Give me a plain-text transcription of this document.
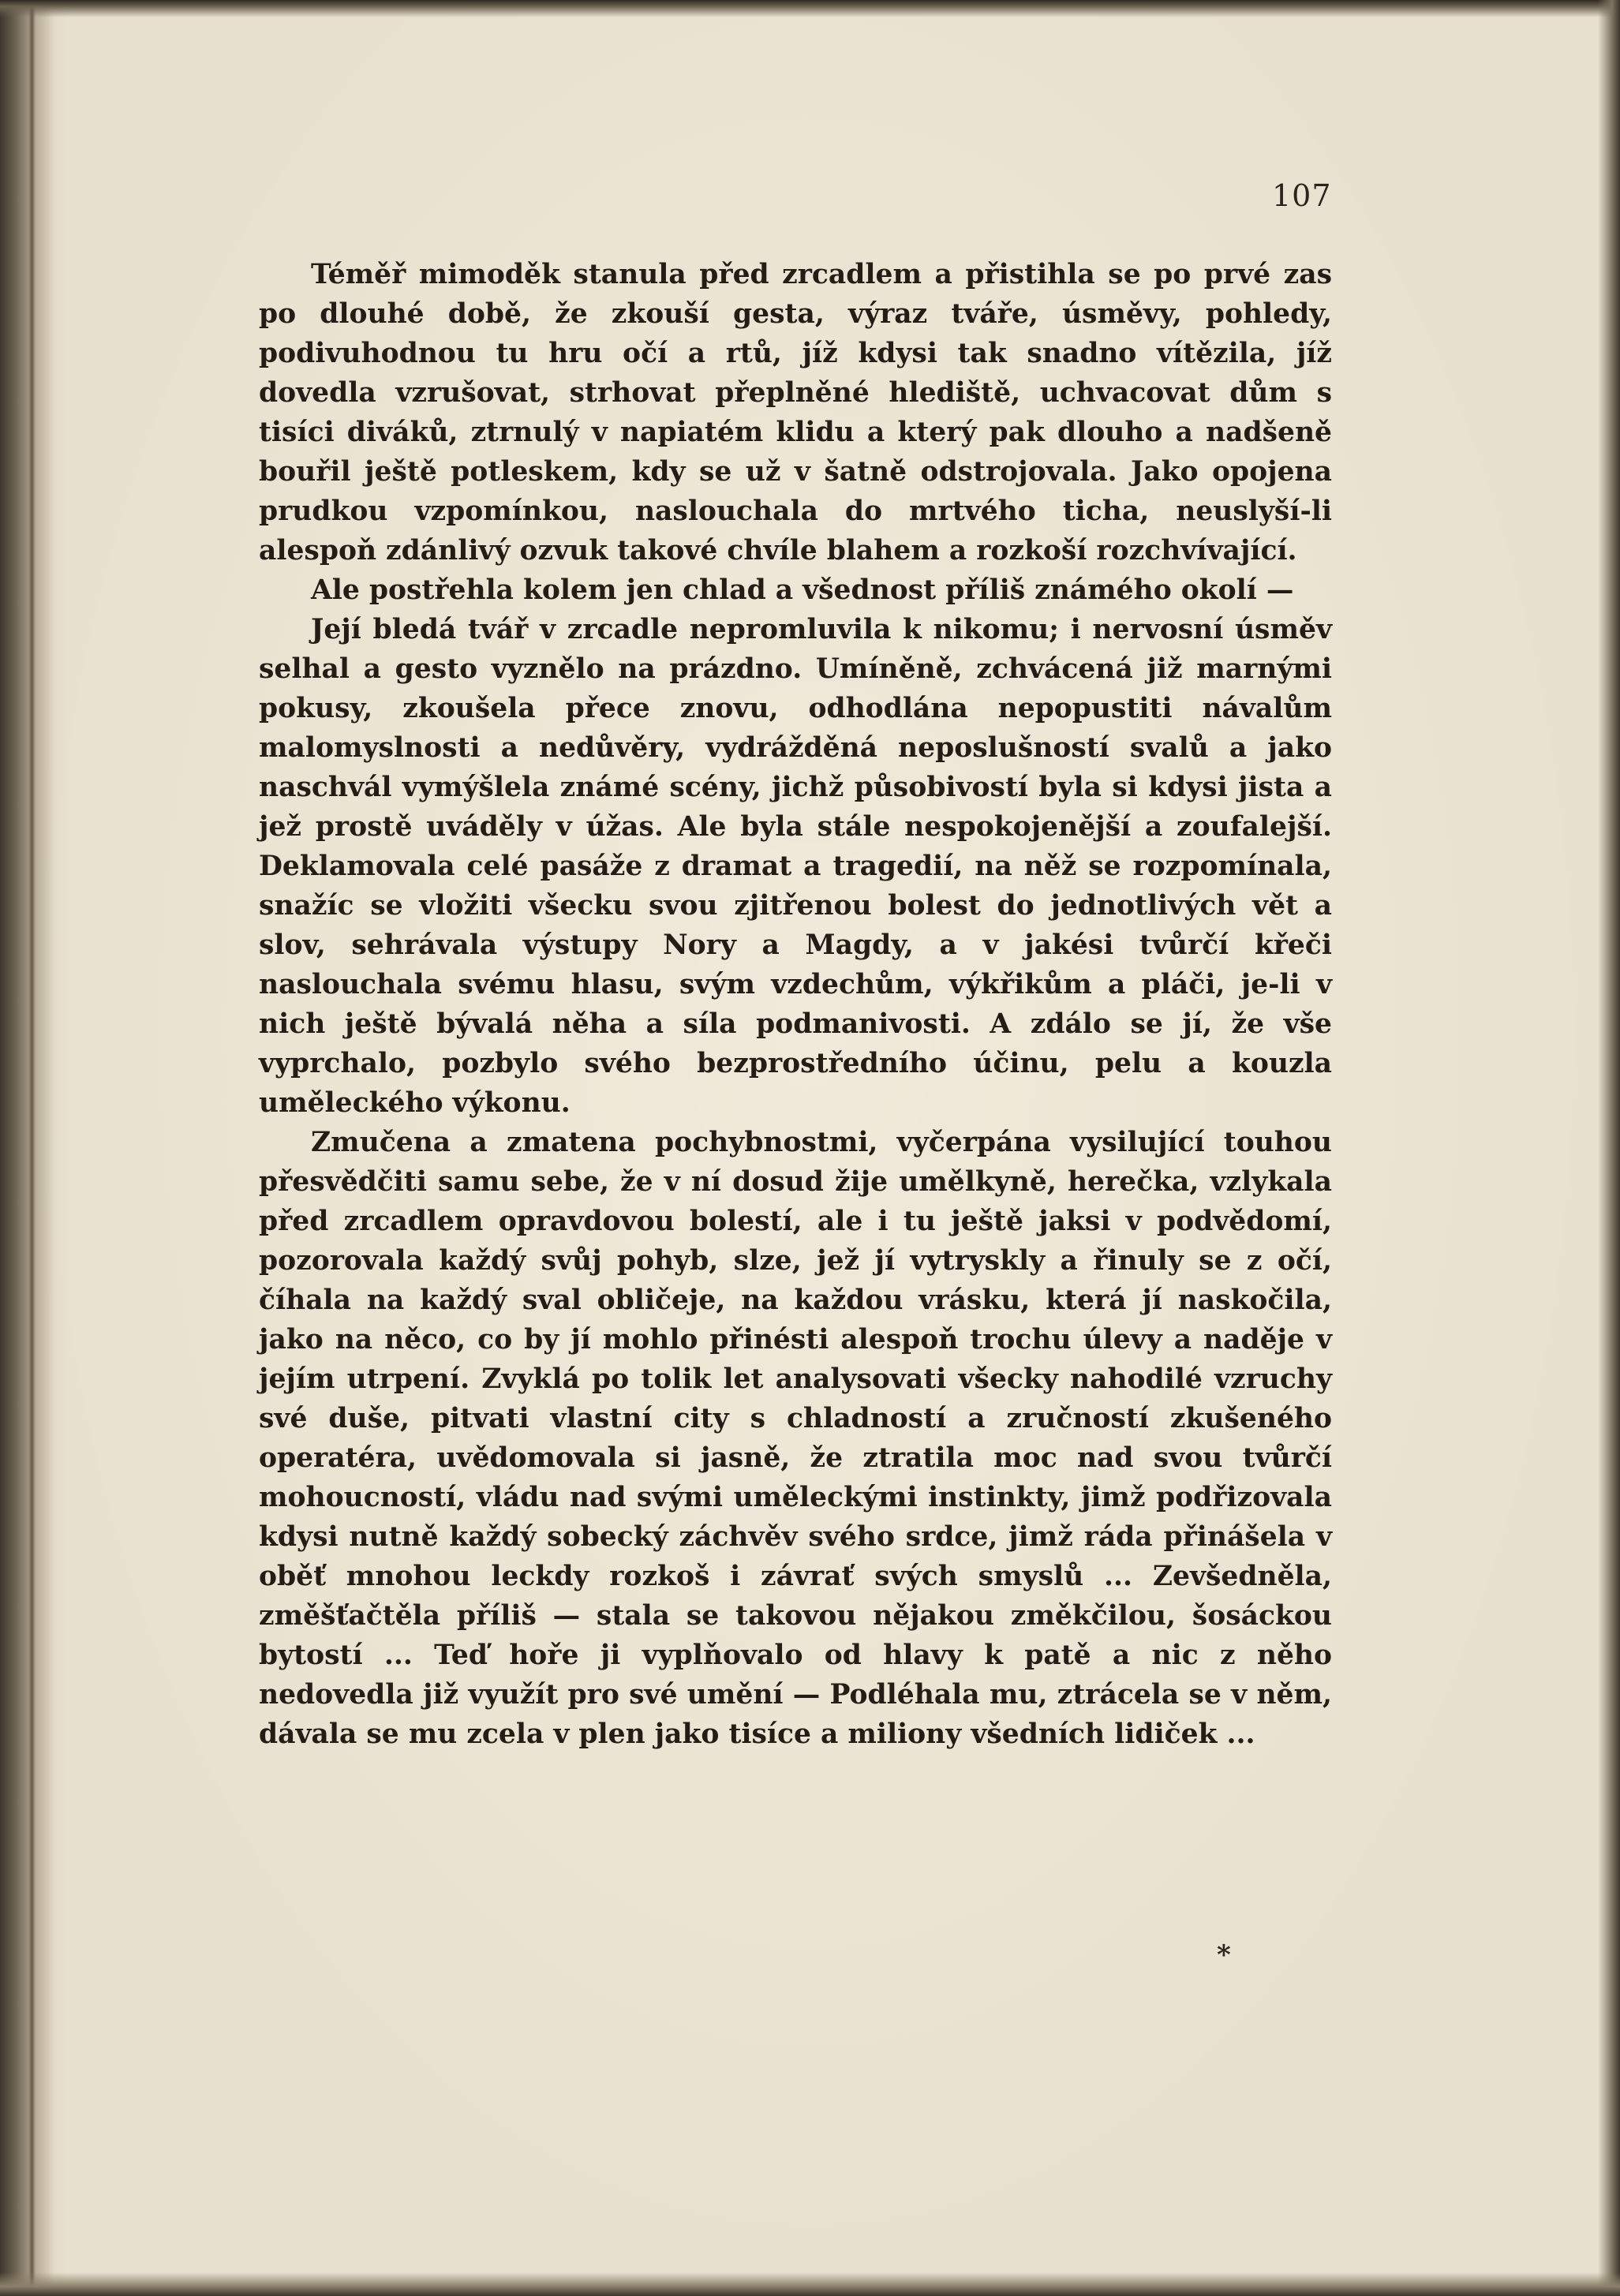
107

Téměř mimoděk stanula před zrcadlem a přistihla se po prvé zas po dlouhé době, že zkouší gesta, výraz tváře, úsměvy, pohledy, podivuhodnou tu hru očí a rtů, jíž kdysi tak snadno vítězila, jíž dovedla vzrušovat, strhovat přeplněné hlediště, uchvacovat dům s tisíci diváků, ztrnulý v napiatém klidu a který pak dlouho a nadšeně bouřil ještě potleskem, kdy se už v šatně odstrojovala. Jako opojena prudkou vzpomínkou, naslouchala do mrtvého ticha, neuslyší-li alespoň zdánlivý ozvuk takové chvíle blahem a rozkoší rozchvívající.

Ale postřehla kolem jen chlad a všednost příliš známého okolí —

Její bledá tvář v zrcadle nepromluvila k nikomu; i nervosní úsměv selhal a gesto vyznělo na prázdno. Umíněně, zchvácená již marnými pokusy, zkoušela přece znovu, odhodlána nepopustiti návalům malomyslnosti a nedůvěry, vydrážděná neposlušností svalů a jako naschvál vymýšlela známé scény, jichž působivostí byla si kdysi jista a jež prostě uváděly v úžas. Ale byla stále nespokojenější a zoufalejší. Deklamovala celé pasáže z dramat a tragedií, na něž se rozpomínala, snažíc se vložiti všecku svou zjitřenou bolest do jednotlivých vět a slov, sehrávala výstupy Nory a Magdy, a v jakési tvůrčí křeči naslouchala svému hlasu, svým vzdechům, výkřikům a pláči, je-li v nich ještě bývalá něha a síla podmanivosti. A zdálo se jí, že vše vyprchalo, pozbylo svého bezprostředního účinu, pelu a kouzla uměleckého výkonu.

Zmučena a zmatena pochybnostmi, vyčerpána vysilující touhou přesvědčiti samu sebe, že v ní dosud žije umělkyně, herečka, vzlykala před zrcadlem opravdovou bolestí, ale i tu ještě jaksi v podvědomí, pozorovala každý svůj pohyb, slze, jež jí vytryskly a řinuly se z očí, číhala na každý sval obličeje, na každou vrásku, která jí naskočila, jako na něco, co by jí mohlo přinésti alespoň trochu úlevy a naděje v jejím utrpení. Zvyklá po tolik let analysovati všecky nahodilé vzruchy své duše, pitvati vlastní city s chladností a zručností zkušeného operatéra, uvědomovala si jasně, že ztratila moc nad svou tvůrčí mohoucností, vládu nad svými uměleckými instinkty, jimž podřizovala kdysi nutně každý sobecký záchvěv svého srdce, jimž ráda přinášela v oběť mnohou leckdy rozkoš i závrať svých smyslů ... Zevšedněla, změšťačtěla příliš — stala se takovou nějakou změkčilou, šosáckou bytostí ... Teď hoře ji vyplňovalo od hlavy k patě a nic z něho nedovedla již využít pro své umění — Podléhala mu, ztrácela se v něm, dávala se mu zcela v plen jako tisíce a miliony všedních lidiček ...

*
